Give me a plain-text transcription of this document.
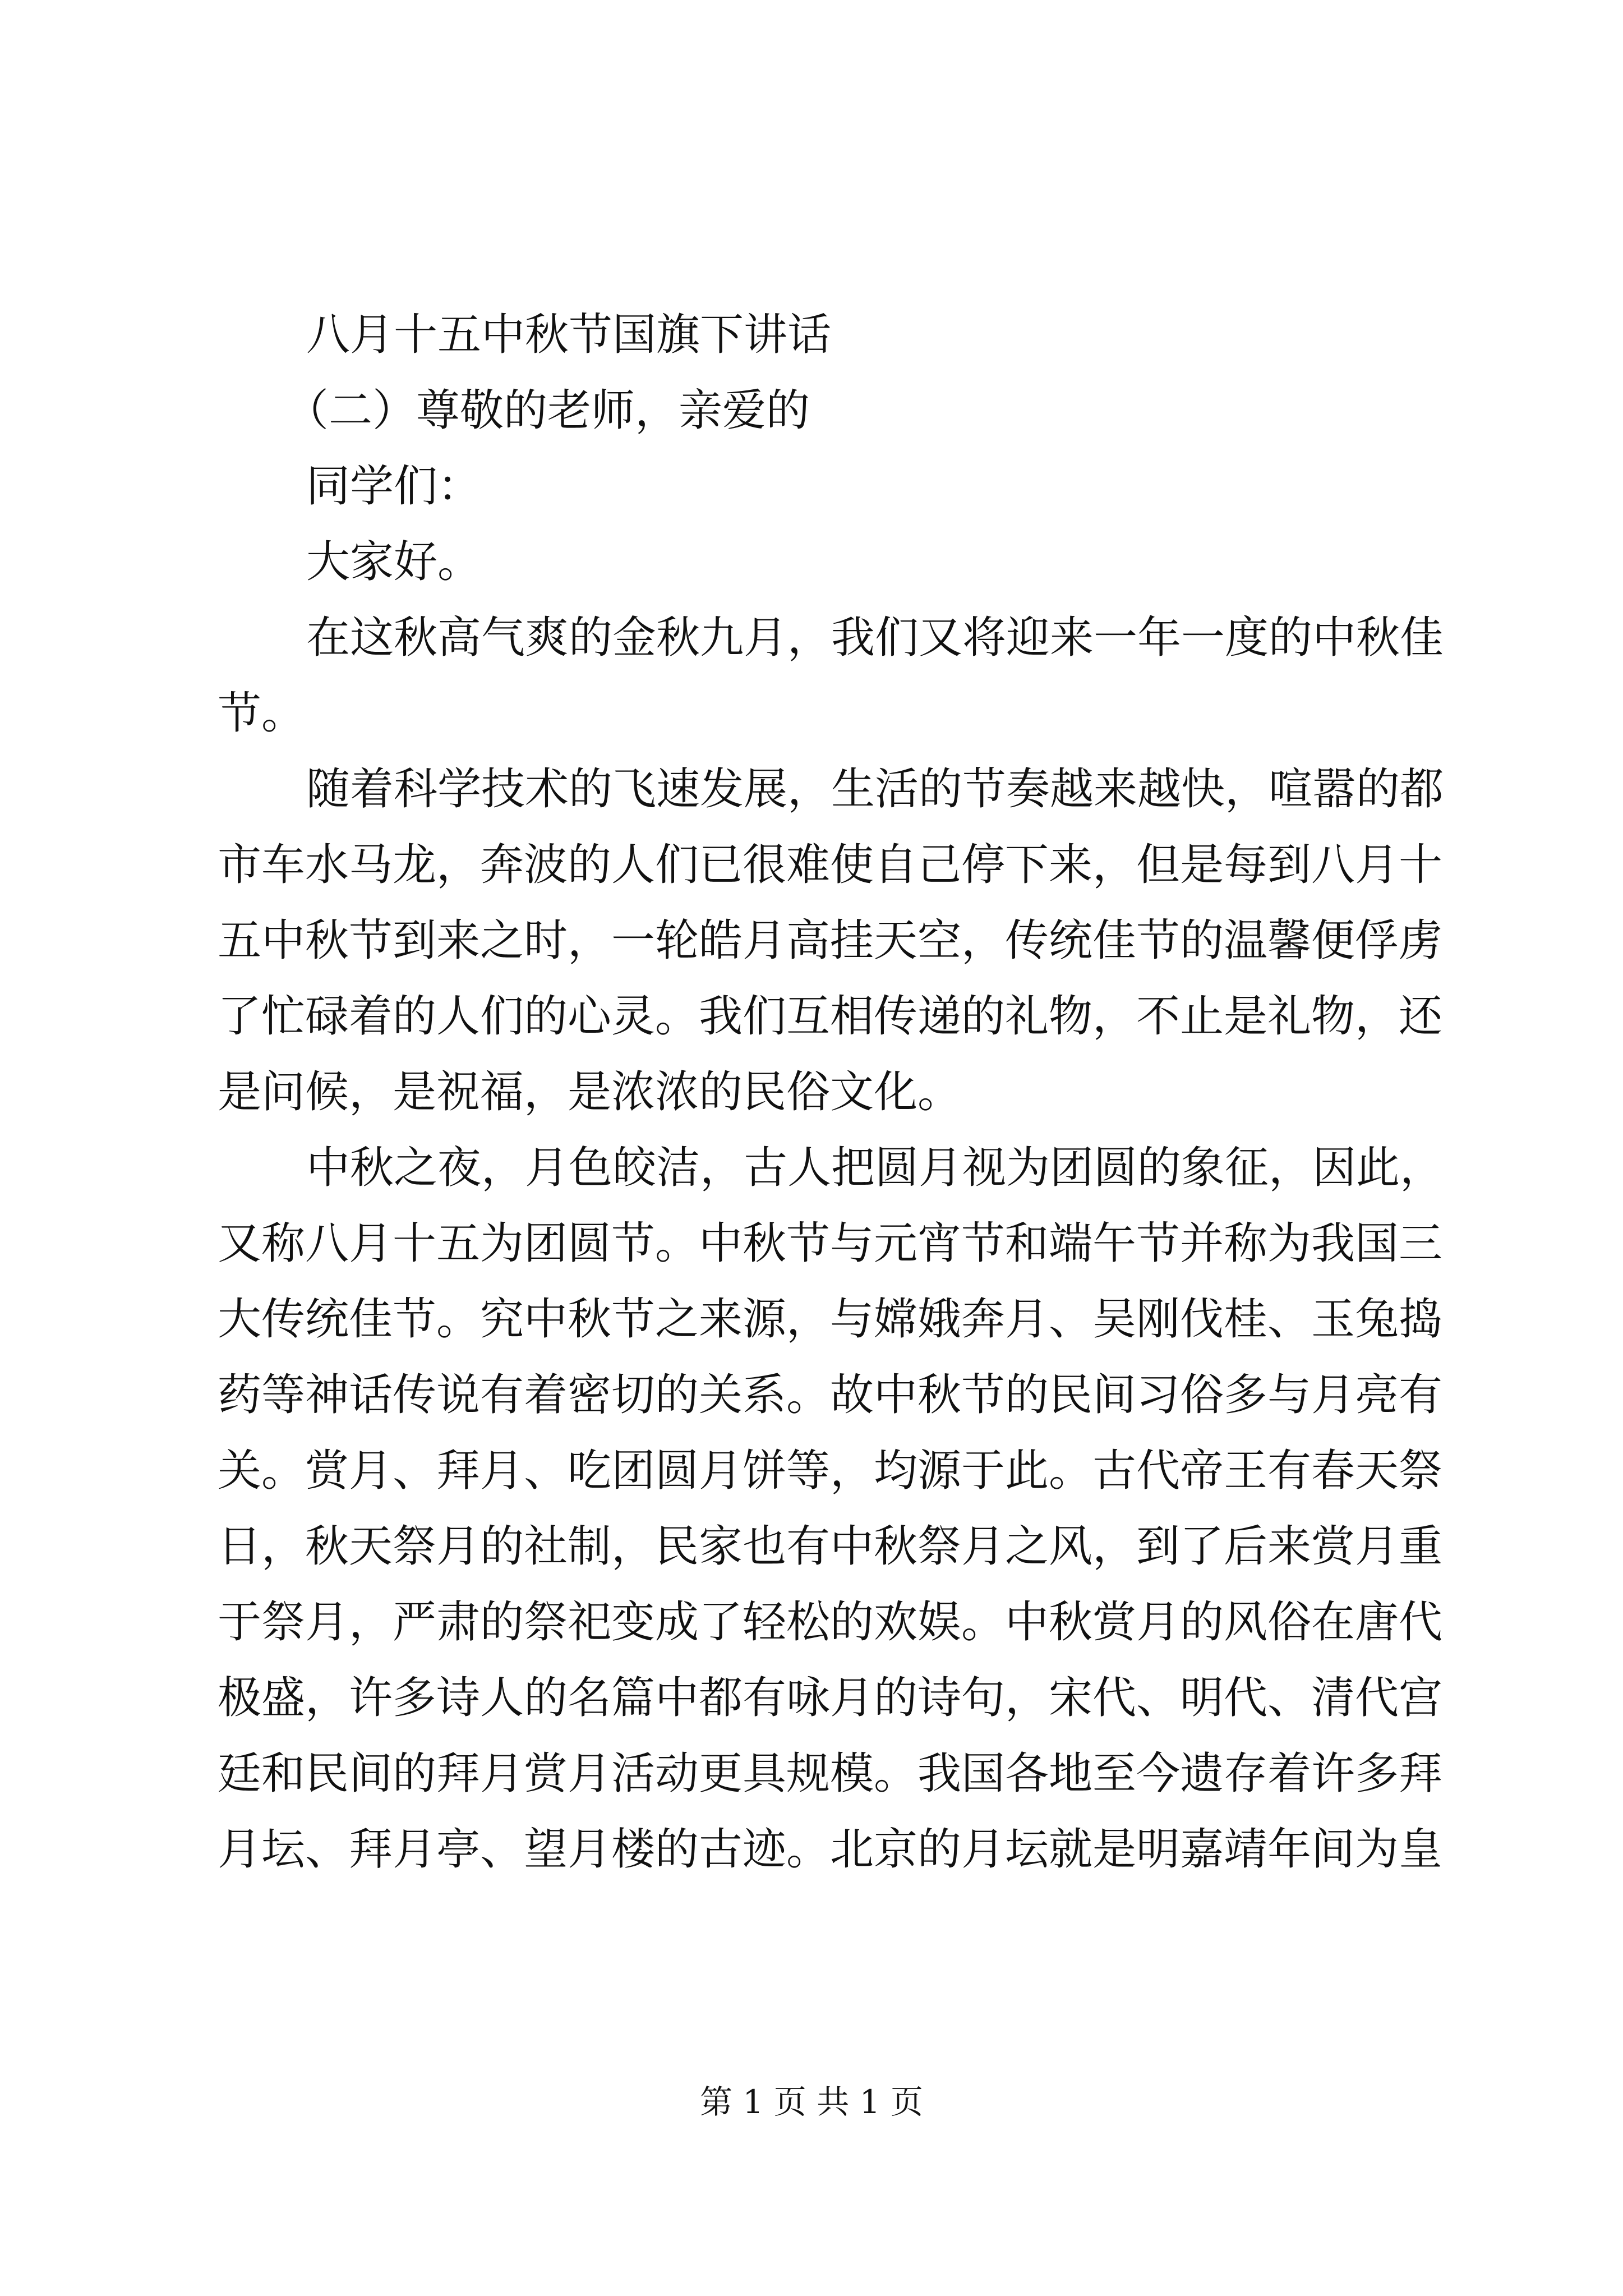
八月十五中秋节国旗下讲话

（二）尊敬的老师，亲爱的

同学们：

大家好。

在这秋高气爽的金秋九月，我们又将迎来一年一度的中秋佳

节。

随着科学技术的飞速发展，生活的节奏越来越快，喧嚣的都

市车水马龙，奔波的人们已很难使自己停下来，但是每到八月十

五中秋节到来之时，一轮皓月高挂天空，传统佳节的温馨便俘虏

了忙碌着的人们的心灵。我们互相传递的礼物，不止是礼物，还

是问候，是祝福，是浓浓的民俗文化。

中秋之夜，月色皎洁，古人把圆月视为团圆的象征，因此，

又称八月十五为团圆节。中秋节与元宵节和端午节并称为我国三

大传统佳节。究中秋节之来源，与嫦娥奔月、吴刚伐桂、玉兔捣

药等神话传说有着密切的关系。故中秋节的民间习俗多与月亮有

关。赏月、拜月、吃团圆月饼等，均源于此。古代帝王有春天祭

日，秋天祭月的社制，民家也有中秋祭月之风，到了后来赏月重

于祭月，严肃的祭祀变成了轻松的欢娱。中秋赏月的风俗在唐代

极盛，许多诗人的名篇中都有咏月的诗句，宋代、明代、清代宫

廷和民间的拜月赏月活动更具规模。我国各地至今遗存着许多拜

月坛、拜月亭、望月楼的古迹。北京的月坛就是明嘉靖年间为皇

第 1 页 共 1 页
